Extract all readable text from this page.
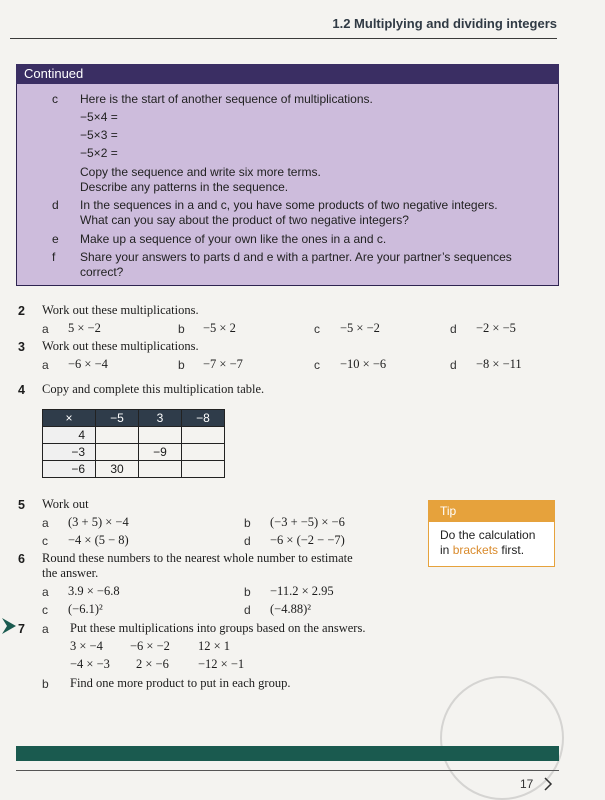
1.2 Multiplying and dividing integers
Continued
c Here is the start of another sequence of multiplications.
−5×4 =
−5×3 =
−5×2 =
Copy the sequence and write six more terms.
Describe any patterns in the sequence.
d In the sequences in a and c, you have some products of two negative integers.
What can you say about the product of two negative integers?
e Make up a sequence of your own like the ones in a and c.
f Share your answers to parts d and e with a partner. Are your partner’s sequences
correct?
2 Work out these multiplications.
a 5 × −2	b −5 × 2	c −5 × −2	d −2 × −5
3 Work out these multiplications.
a −6 × −4	b −7 × −7	c −10 × −6	d −8 × −11
4 Copy and complete this multiplication table.
×	−5	3	−8
4			
−3		−9	
−6	30		
5 Work out
a (3 + 5) × −4	b (−3 + −5) × −6
c −4 × (5 − 8)	d −6 × (−2 − −7)
Tip
Do the calculation
in brackets first.
6 Round these numbers to the nearest whole number to estimate
the answer.
a 3.9 × −6.8	b −11.2 × 2.95
c (−6.1)²	d (−4.88)²
7 a Put these multiplications into groups based on the answers.
3 × −4 −6 × −2 12 × 1
−4 × −3 2 × −6 −12 × −1
b Find one more product to put in each group.
17
